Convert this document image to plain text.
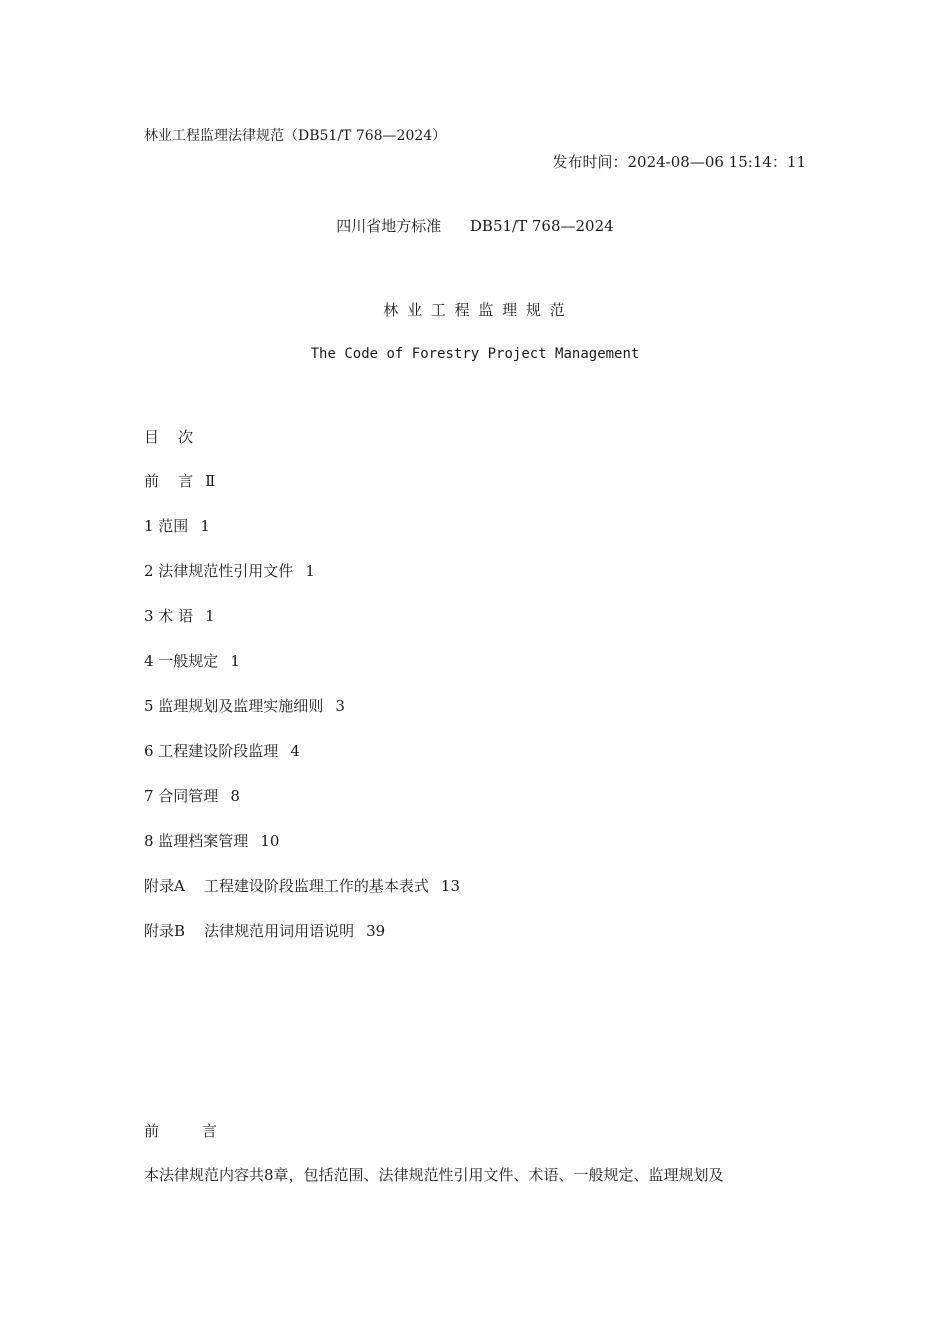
林业工程监理法律规范（DB51/T 768—2024）
发布时间：2024-08—06 15:14：11
四川省地方标准      DB51/T 768—2024
林 业 工 程 监 理 规 范
The Code of Forestry Project Management
目    次
前    言 Ⅱ
1 范围 1
2 法律规范性引用文件 1
3 术 语 1
4 一般规定 1
5 监理规划及监理实施细则 3
6 工程建设阶段监理 4
7 合同管理 8
8 监理档案管理 10
附录A    工程建设阶段监理工作的基本表式 13
附录B    法律规范用词用语说明 39
前         言
本法律规范内容共8章，包括范围、法律规范性引用文件、术语、一般规定、监理规划及
